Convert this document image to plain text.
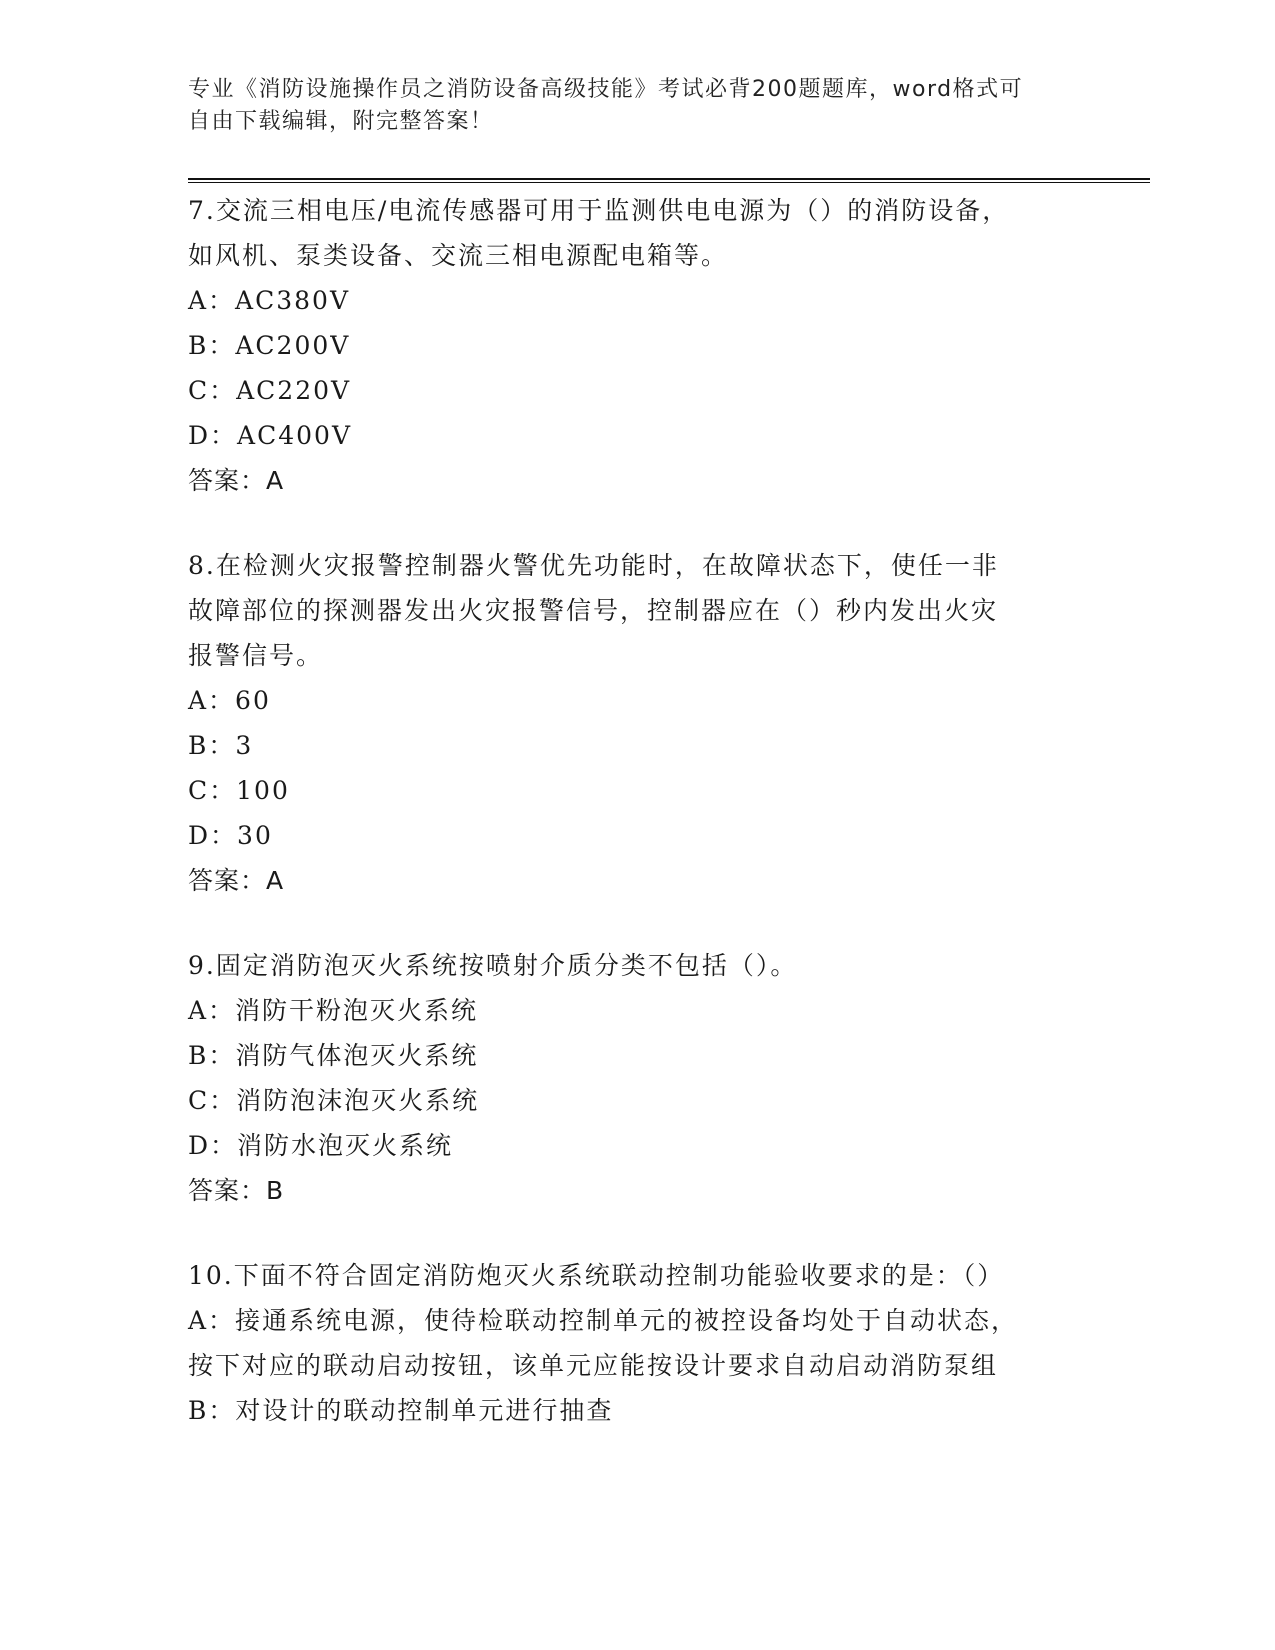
专业《消防设施操作员之消防设备高级技能》考试必背200题题库，word格式可
自由下载编辑，附完整答案！
7.交流三相电压/电流传感器可用于监测供电电源为（）的消防设备，
如风机、泵类设备、交流三相电源配电箱等。
A：AC380V
B：AC200V
C：AC220V
D：AC400V
答案：A
8.在检测火灾报警控制器火警优先功能时，在故障状态下，使任一非
故障部位的探测器发出火灾报警信号，控制器应在（）秒内发出火灾
报警信号。
A：60
B：3
C：100
D：30
答案：A
9.固定消防泡灭火系统按喷射介质分类不包括（）。
A：消防干粉泡灭火系统
B：消防气体泡灭火系统
C：消防泡沫泡灭火系统
D：消防水泡灭火系统
答案：B
10.下面不符合固定消防炮灭火系统联动控制功能验收要求的是：（）
A：接通系统电源，使待检联动控制单元的被控设备均处于自动状态，
按下对应的联动启动按钮，该单元应能按设计要求自动启动消防泵组
B：对设计的联动控制单元进行抽查
